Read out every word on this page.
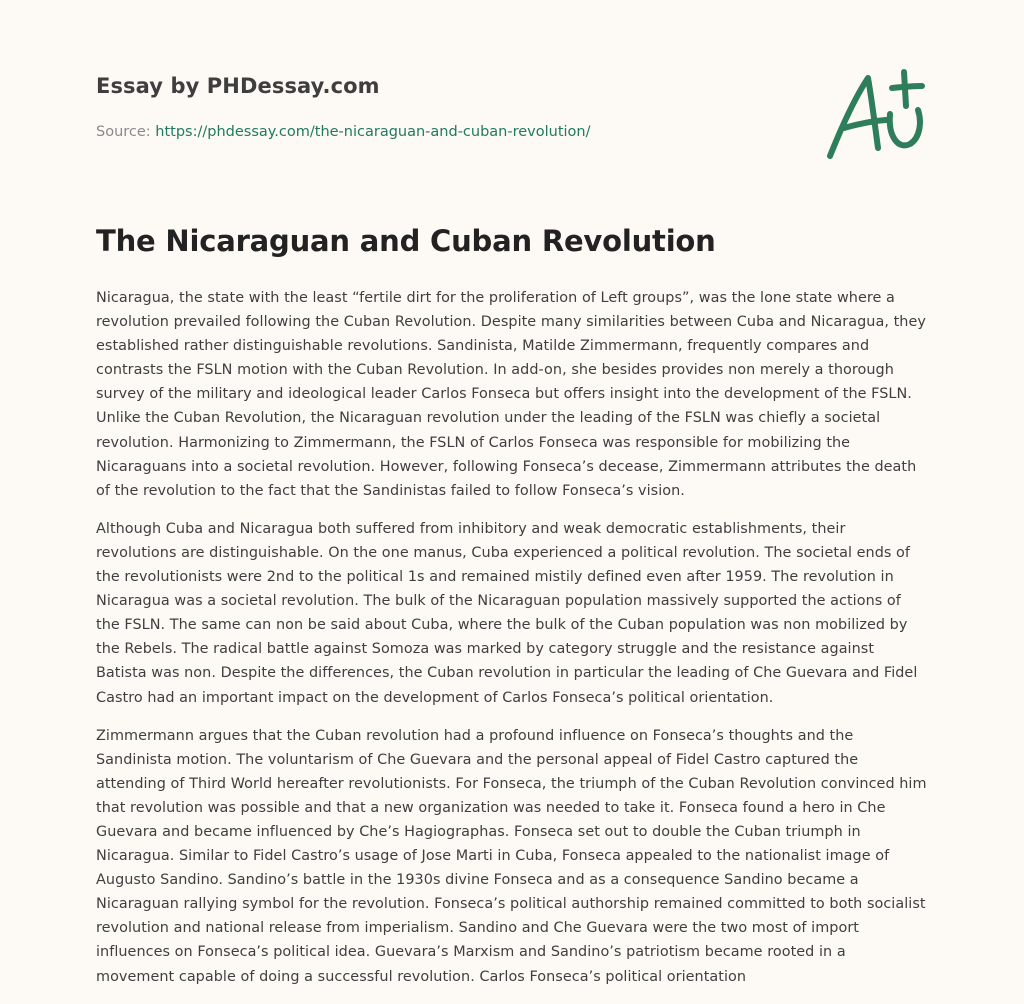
Essay by PHDessay.com
Source: https://phdessay.com/the-nicaraguan-and-cuban-revolution/
The Nicaraguan and Cuban Revolution

Nicaragua, the state with the least “fertile dirt for the proliferation of Left groups”, was the lone state where a revolution prevailed following the Cuban Revolution. Despite many similarities between Cuba and Nicaragua, they established rather distinguishable revolutions. Sandinista, Matilde Zimmermann, frequently compares and contrasts the FSLN motion with the Cuban Revolution. In add-on, she besides provides non merely a thorough survey of the military and ideological leader Carlos Fonseca but offers insight into the development of the FSLN. Unlike the Cuban Revolution, the Nicaraguan revolution under the leading of the FSLN was chiefly a societal revolution. Harmonizing to Zimmermann, the FSLN of Carlos Fonseca was responsible for mobilizing the Nicaraguans into a societal revolution. However, following Fonseca’s decease, Zimmermann attributes the death of the revolution to the fact that the Sandinistas failed to follow Fonseca’s vision.

Although Cuba and Nicaragua both suffered from inhibitory and weak democratic establishments, their revolutions are distinguishable. On the one manus, Cuba experienced a political revolution. The societal ends of the revolutionists were 2nd to the political 1s and remained mistily defined even after 1959. The revolution in Nicaragua was a societal revolution. The bulk of the Nicaraguan population massively supported the actions of the FSLN. The same can non be said about Cuba, where the bulk of the Cuban population was non mobilized by the Rebels. The radical battle against Somoza was marked by category struggle and the resistance against Batista was non. Despite the differences, the Cuban revolution in particular the leading of Che Guevara and Fidel Castro had an important impact on the development of Carlos Fonseca’s political orientation.

Zimmermann argues that the Cuban revolution had a profound influence on Fonseca’s thoughts and the Sandinista motion. The voluntarism of Che Guevara and the personal appeal of Fidel Castro captured the attending of Third World hereafter revolutionists. For Fonseca, the triumph of the Cuban Revolution convinced him that revolution was possible and that a new organization was needed to take it. Fonseca found a hero in Che Guevara and became influenced by Che’s Hagiographas. Fonseca set out to double the Cuban triumph in Nicaragua. Similar to Fidel Castro’s usage of Jose Marti in Cuba, Fonseca appealed to the nationalist image of Augusto Sandino. Sandino’s battle in the 1930s divine Fonseca and as a consequence Sandino became a Nicaraguan rallying symbol for the revolution. Fonseca’s political authorship remained committed to both socialist revolution and national release from imperialism. Sandino and Che Guevara were the two most of import influences on Fonseca’s political idea. Guevara’s Marxism and Sandino’s patriotism became rooted in a movement capable of doing a successful revolution. Carlos Fonseca’s political orientation
